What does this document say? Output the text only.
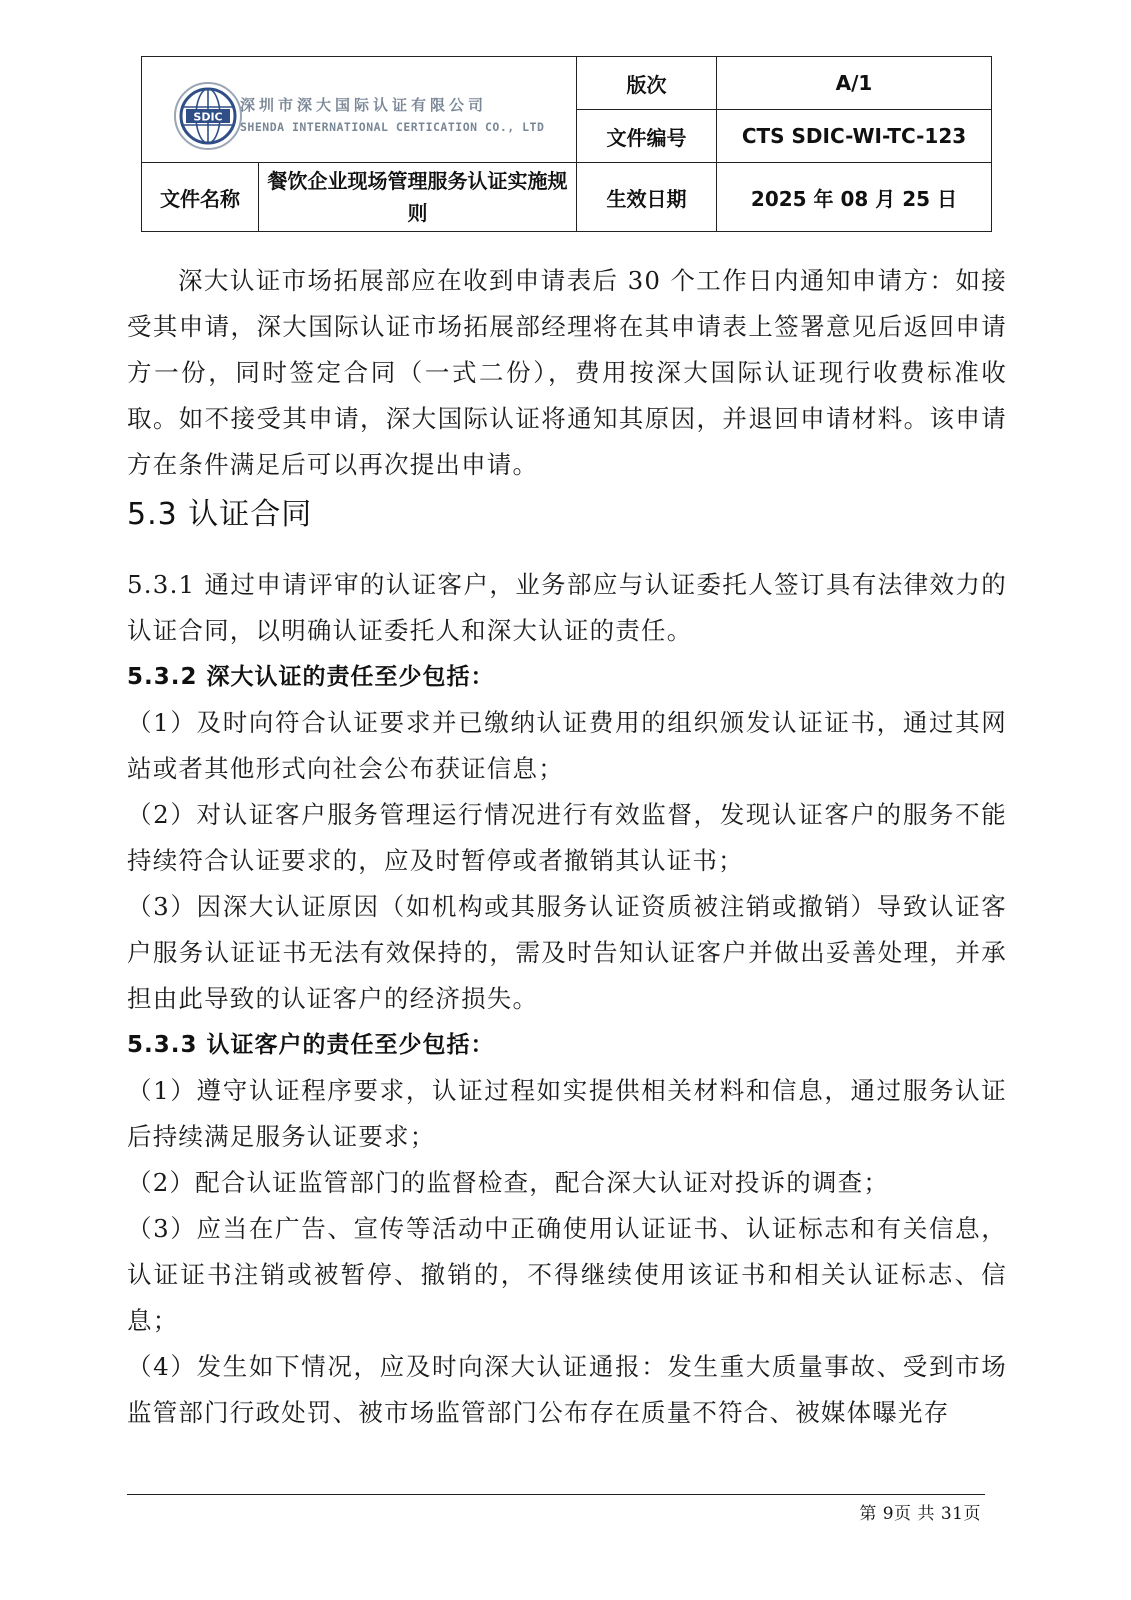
SDIC
深圳市深大国际认证有限公司
SHENDA INTERNATIONAL CERTICATION CO., LTD		版次	A/1
		文件编号	CTS SDIC-WI-TC-123
文件名称	餐饮企业现场管理服务认证实施规则	生效日期	2025 年 08 月 25 日

深大认证市场拓展部应在收到申请表后 30 个工作日内通知申请方：如接受其申请，深大国际认证市场拓展部经理将在其申请表上签署意见后返回申请方一份，同时签定合同（一式二份），费用按深大国际认证现行收费标准收取。如不接受其申请，深大国际认证将通知其原因，并退回申请材料。该申请方在条件满足后可以再次提出申请。

5.3 认证合同

5.3.1 通过申请评审的认证客户，业务部应与认证委托人签订具有法律效力的认证合同，以明确认证委托人和深大认证的责任。

5.3.2 深大认证的责任至少包括：

（1）及时向符合认证要求并已缴纳认证费用的组织颁发认证证书，通过其网站或者其他形式向社会公布获证信息；

（2）对认证客户服务管理运行情况进行有效监督，发现认证客户的服务不能持续符合认证要求的，应及时暂停或者撤销其认证书；

（3）因深大认证原因（如机构或其服务认证资质被注销或撤销）导致认证客户服务认证证书无法有效保持的，需及时告知认证客户并做出妥善处理，并承担由此导致的认证客户的经济损失。

5.3.3 认证客户的责任至少包括：

（1）遵守认证程序要求，认证过程如实提供相关材料和信息，通过服务认证后持续满足服务认证要求；

（2）配合认证监管部门的监督检查，配合深大认证对投诉的调查；

（3）应当在广告、宣传等活动中正确使用认证证书、认证标志和有关信息，认证证书注销或被暂停、撤销的，不得继续使用该证书和相关认证标志、信息；

（4）发生如下情况，应及时向深大认证通报：发生重大质量事故、受到市场监管部门行政处罚、被市场监管部门公布存在质量不符合、被媒体曝光存

第 9页 共 31页
